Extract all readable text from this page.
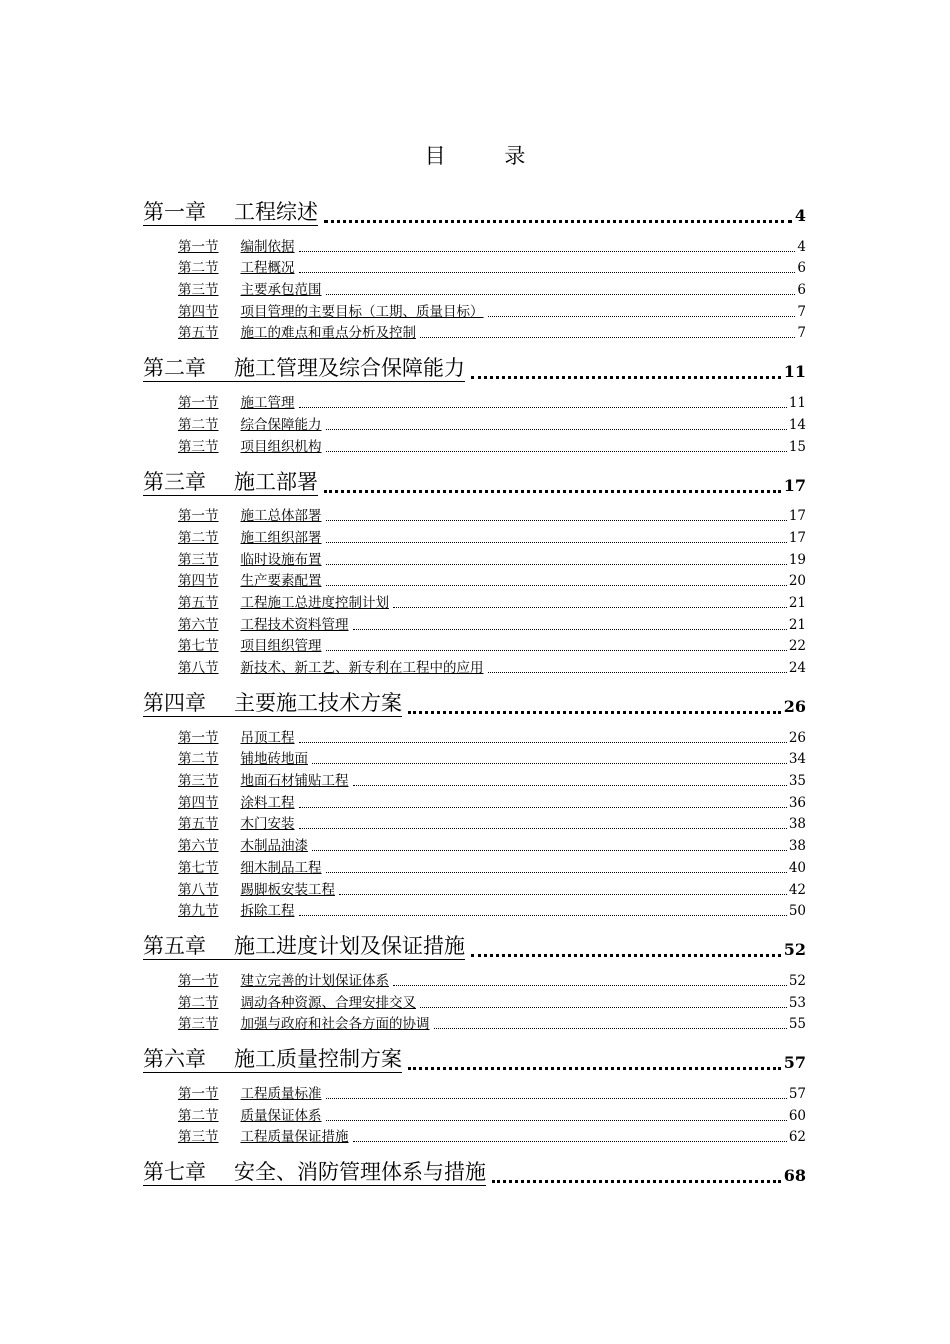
目 录
第一章 工程综述	4
第一节 编制依据	4
第二节 工程概况	6
第三节 主要承包范围	6
第四节 项目管理的主要目标（工期、质量目标）	7
第五节 施工的难点和重点分析及控制	7
第二章 施工管理及综合保障能力	11
第一节 施工管理	11
第二节 综合保障能力	14
第三节 项目组织机构	15
第三章 施工部署	17
第一节 施工总体部署	17
第二节 施工组织部署	17
第三节 临时设施布置	19
第四节 生产要素配置	20
第五节 工程施工总进度控制计划	21
第六节 工程技术资料管理	21
第七节 项目组织管理	22
第八节 新技术、新工艺、新专利在工程中的应用	24
第四章 主要施工技术方案	26
第一节 吊顶工程	26
第二节 铺地砖地面	34
第三节 地面石材铺贴工程	35
第四节 涂料工程	36
第五节 木门安装	38
第六节 木制品油漆	38
第七节 细木制品工程	40
第八节 踢脚板安装工程	42
第九节 拆除工程	50
第五章 施工进度计划及保证措施	52
第一节 建立完善的计划保证体系	52
第二节 调动各种资源、合理安排交叉	53
第三节 加强与政府和社会各方面的协调	55
第六章 施工质量控制方案	57
第一节 工程质量标准	57
第二节 质量保证体系	60
第三节 工程质量保证措施	62
第七章 安全、消防管理体系与措施	68
